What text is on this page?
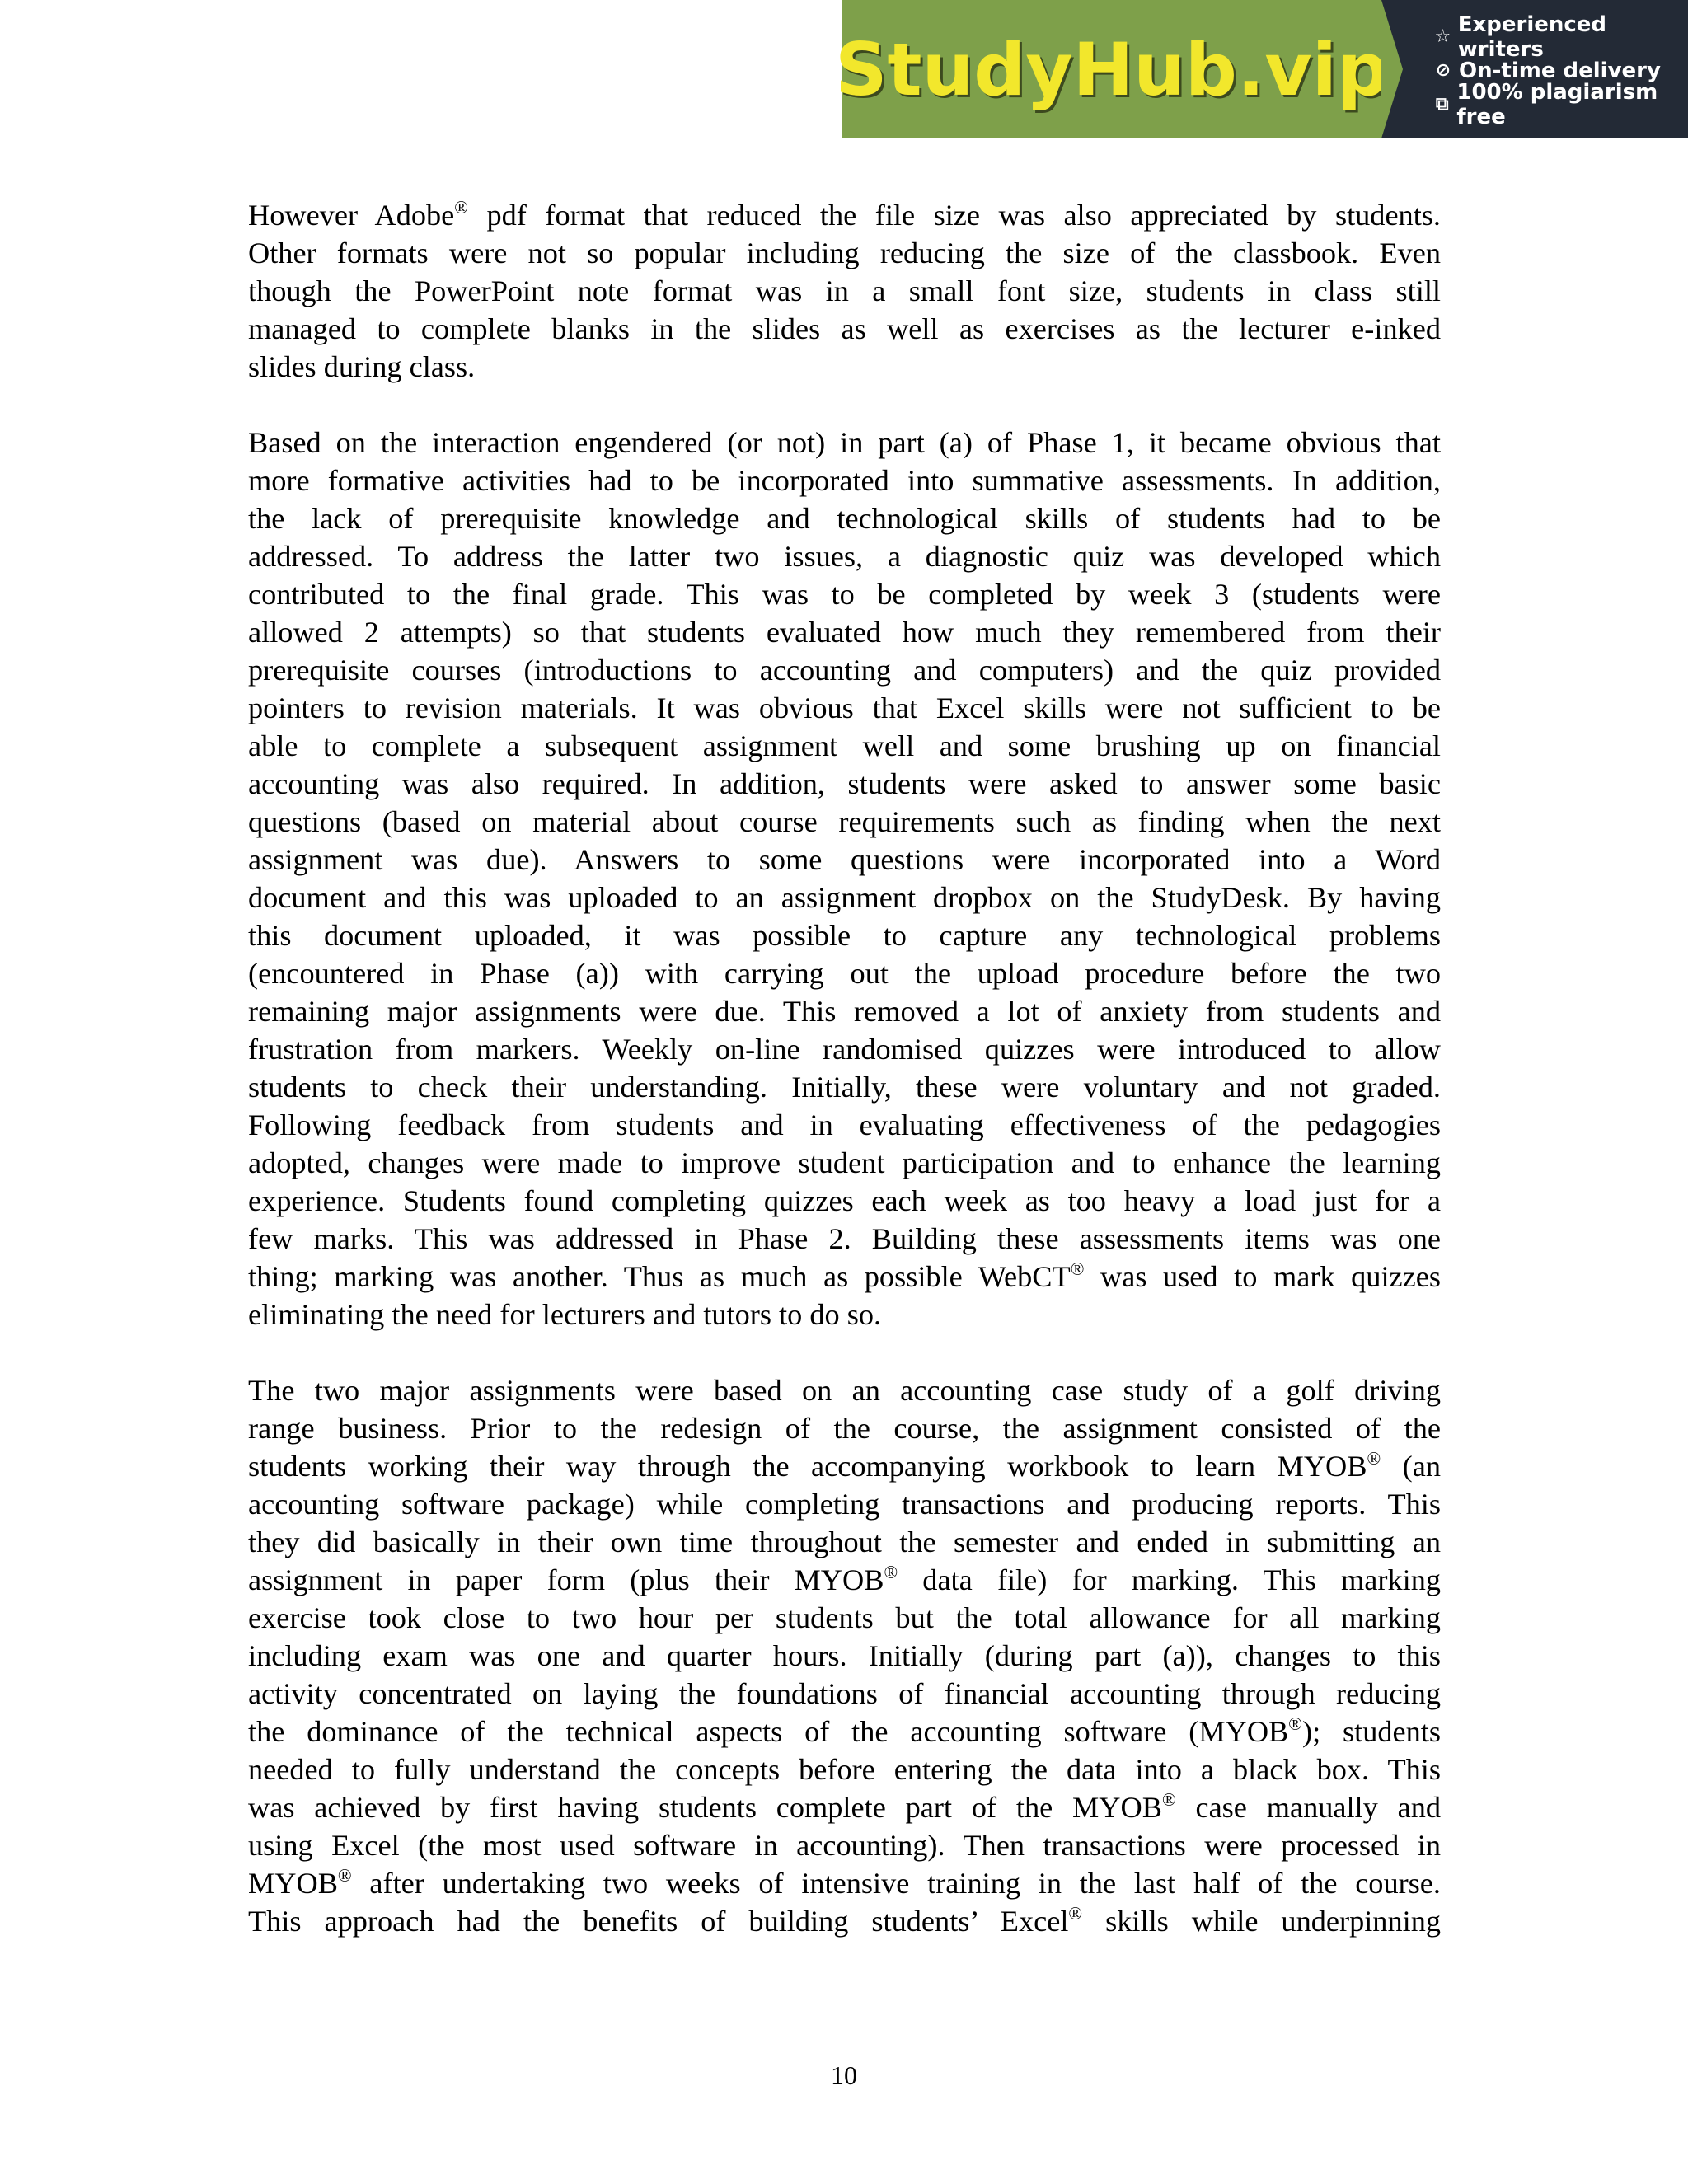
StudyHub.vip	☆ Experienced writers
⊘ On-time delivery
⧉ 100% plagiarism free
However Adobe® pdf format that reduced the file size was also appreciated by students.
Other formats were not so popular including reducing the size of the classbook. Even
though the PowerPoint note format was in a small font size, students in class still
managed to complete blanks in the slides as well as exercises as the lecturer e-inked
slides during class.
Based on the interaction engendered (or not) in part (a) of Phase 1, it became obvious that
more formative activities had to be incorporated into summative assessments. In addition,
the lack of prerequisite knowledge and technological skills of students had to be
addressed. To address the latter two issues, a diagnostic quiz was developed which
contributed to the final grade. This was to be completed by week 3 (students were
allowed 2 attempts) so that students evaluated how much they remembered from their
prerequisite courses (introductions to accounting and computers) and the quiz provided
pointers to revision materials. It was obvious that Excel skills were not sufficient to be
able to complete a subsequent assignment well and some brushing up on financial
accounting was also required. In addition, students were asked to answer some basic
questions (based on material about course requirements such as finding when the next
assignment was due). Answers to some questions were incorporated into a Word
document and this was uploaded to an assignment dropbox on the StudyDesk. By having
this document uploaded, it was possible to capture any technological problems
(encountered in Phase (a)) with carrying out the upload procedure before the two
remaining major assignments were due. This removed a lot of anxiety from students and
frustration from markers. Weekly on-line randomised quizzes were introduced to allow
students to check their understanding. Initially, these were voluntary and not graded.
Following feedback from students and in evaluating effectiveness of the pedagogies
adopted, changes were made to improve student participation and to enhance the learning
experience. Students found completing quizzes each week as too heavy a load just for a
few marks. This was addressed in Phase 2. Building these assessments items was one
thing; marking was another. Thus as much as possible WebCT® was used to mark quizzes
eliminating the need for lecturers and tutors to do so.
The two major assignments were based on an accounting case study of a golf driving
range business. Prior to the redesign of the course, the assignment consisted of the
students working their way through the accompanying workbook to learn MYOB® (an
accounting software package) while completing transactions and producing reports. This
they did basically in their own time throughout the semester and ended in submitting an
assignment in paper form (plus their MYOB® data file) for marking. This marking
exercise took close to two hour per students but the total allowance for all marking
including exam was one and quarter hours. Initially (during part (a)), changes to this
activity concentrated on laying the foundations of financial accounting through reducing
the dominance of the technical aspects of the accounting software (MYOB®); students
needed to fully understand the concepts before entering the data into a black box. This
was achieved by first having students complete part of the MYOB® case manually and
using Excel (the most used software in accounting). Then transactions were processed in
MYOB® after undertaking two weeks of intensive training in the last half of the course.
This approach had the benefits of building students’ Excel® skills while underpinning
10
